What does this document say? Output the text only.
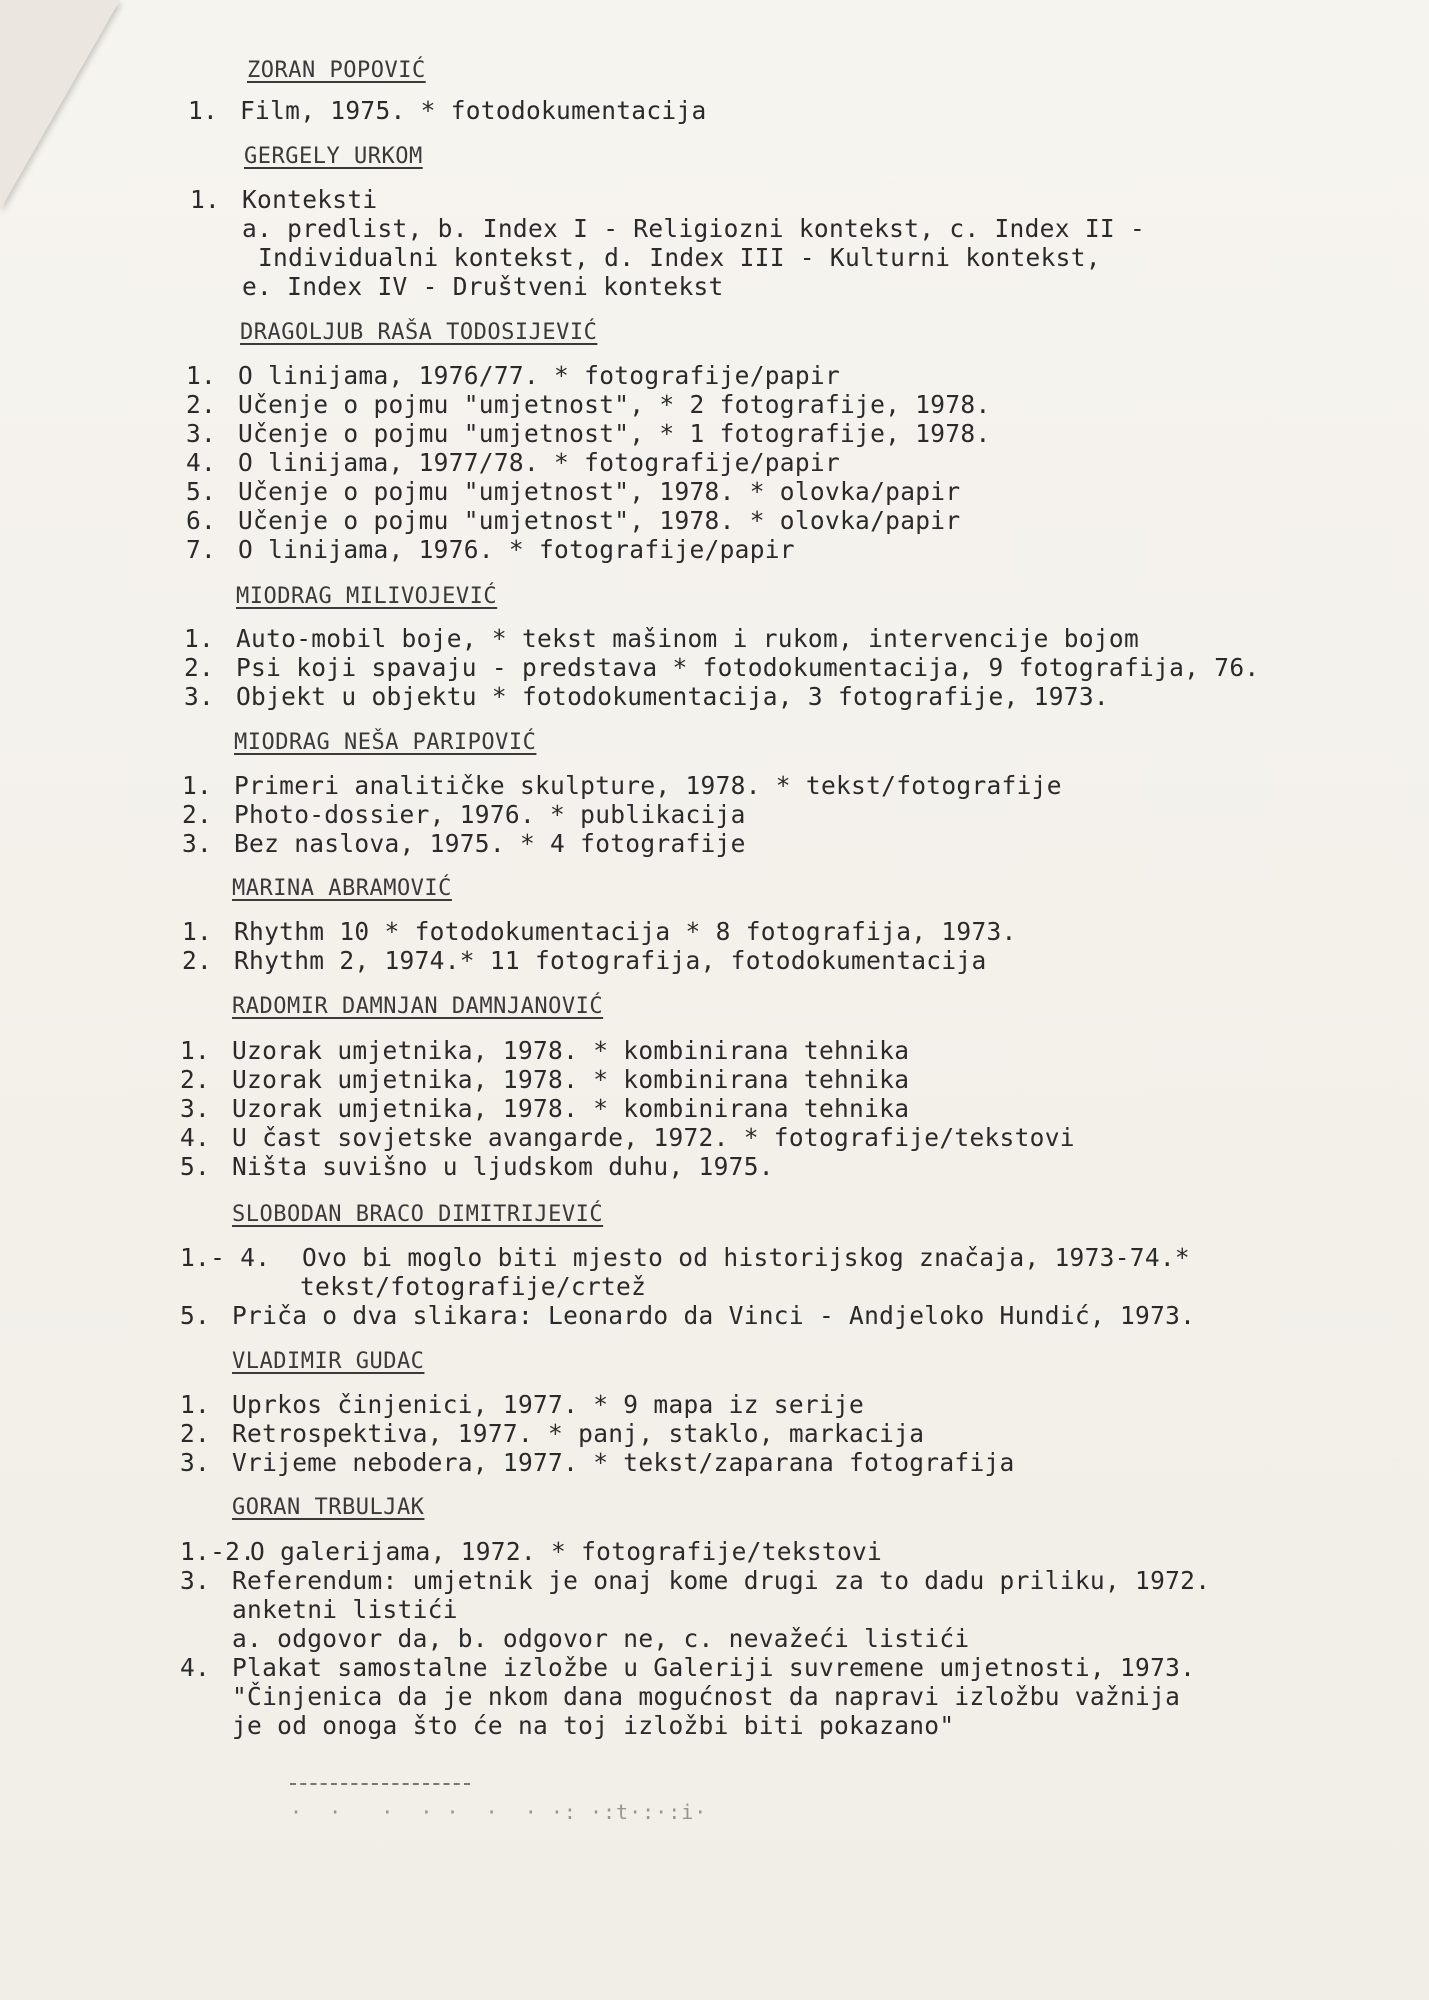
ZORAN POPOVIĆ
1. Film, 1975. * fotodokumentacija
GERGELY URKOM
1. Konteksti
a. predlist, b. Index I - Religiozni kontekst, c. Index II -
Individualni kontekst, d. Index III - Kulturni kontekst,
e. Index IV - Društveni kontekst
DRAGOLJUB RAŠA TODOSIJEVIĆ
1. O linijama, 1976/77. * fotografije/papir
2. Učenje o pojmu "umjetnost", * 2 fotografije, 1978.
3. Učenje o pojmu "umjetnost", * 1 fotografije, 1978.
4. O linijama, 1977/78. * fotografije/papir
5. Učenje o pojmu "umjetnost", 1978. * olovka/papir
6. Učenje o pojmu "umjetnost", 1978. * olovka/papir
7. O linijama, 1976. * fotografije/papir
MIODRAG MILIVOJEVIĆ
1. Auto-mobil boje, * tekst mašinom i rukom, intervencije bojom
2. Psi koji spavaju - predstava * fotodokumentacija, 9 fotografija, 76.
3. Objekt u objektu * fotodokumentacija, 3 fotografije, 1973.
MIODRAG NEŠA PARIPOVIĆ
1. Primeri analitičke skulpture, 1978. * tekst/fotografije
2. Photo-dossier, 1976. * publikacija
3. Bez naslova, 1975. * 4 fotografije
MARINA ABRAMOVIĆ
1. Rhythm 10 * fotodokumentacija * 8 fotografija, 1973.
2. Rhythm 2, 1974.* 11 fotografija, fotodokumentacija
RADOMIR DAMNJAN DAMNJANOVIĆ
1. Uzorak umjetnika, 1978. * kombinirana tehnika
2. Uzorak umjetnika, 1978. * kombinirana tehnika
3. Uzorak umjetnika, 1978. * kombinirana tehnika
4. U čast sovjetske avangarde, 1972. * fotografije/tekstovi
5. Ništa suvišno u ljudskom duhu, 1975.
SLOBODAN BRACO DIMITRIJEVIĆ
1.- 4. Ovo bi moglo biti mjesto od historijskog značaja, 1973-74.*
tekst/fotografije/crtež
5. Priča o dva slikara: Leonardo da Vinci - Andjeloko Hundić, 1973.
VLADIMIR GUDAC
1. Uprkos činjenici, 1977. * 9 mapa iz serije
2. Retrospektiva, 1977. * panj, staklo, markacija
3. Vrijeme nebodera, 1977. * tekst/zaparana fotografija
GORAN TRBULJAK
1.-2.O galerijama, 1972. * fotografije/tekstovi
3. Referendum: umjetnik je onaj kome drugi za to dadu priliku, 1972.
anketni listići
a. odgovor da, b. odgovor ne, c. nevažeći listići
4. Plakat samostalne izložbe u Galeriji suvremene umjetnosti, 1973.
"Činjenica da je nkom dana mogućnost da napravi izložbu važnija
je od onoga što će na toj izložbi biti pokazano"
·  ·   ·  · ·  ·  · ·: ·:t·:·:i·
